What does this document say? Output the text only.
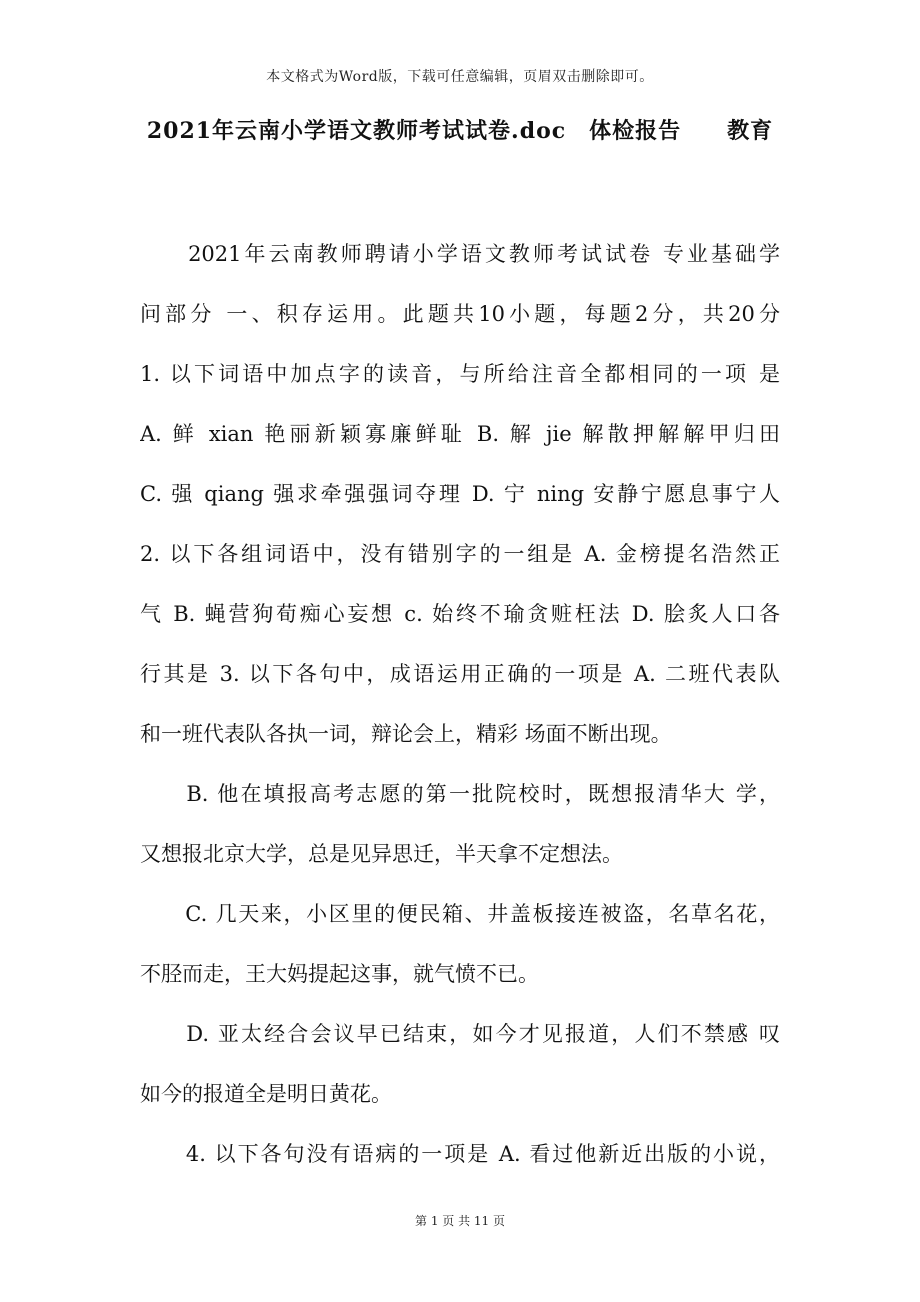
本文格式为Word版，下载可任意编辑，页眉双击删除即可。
2021年云南小学语文教师考试试卷.doc　体检报告　　教育
　　2021年云南教师聘请小学语文教师考试试卷 专业基础学
问部分 一、积存运用。此题共10小题，每题2分，共20分
1. 以下词语中加点字的读音，与所给注音全都相同的一项 是
A. 鲜 xian 艳丽新颖寡廉鲜耻 B. 解 jie 解散押解解甲归田
C. 强 qiang 强求牵强强词夺理 D. 宁 ning 安静宁愿息事宁人
2. 以下各组词语中，没有错别字的一组是 A. 金榜提名浩然正
气 B. 蝇营狗荀痴心妄想 c. 始终不瑜贪赃枉法 D. 脍炙人口各
行其是 3. 以下各句中，成语运用正确的一项是 A. 二班代表队
和一班代表队各执一词，辩论会上，精彩 场面不断出现。
　　B. 他在填报高考志愿的第一批院校时，既想报清华大 学，
又想报北京大学，总是见异思迁，半天拿不定想法。
　　C. 几天来，小区里的便民箱、井盖板接连被盗，名草名花，
不胫而走，王大妈提起这事，就气愤不已。
　　D. 亚太经合会议早已结束，如今才见报道，人们不禁感 叹
如今的报道全是明日黄花。
　　4. 以下各句没有语病的一项是 A. 看过他新近出版的小说，
第 1 页 共 11 页
